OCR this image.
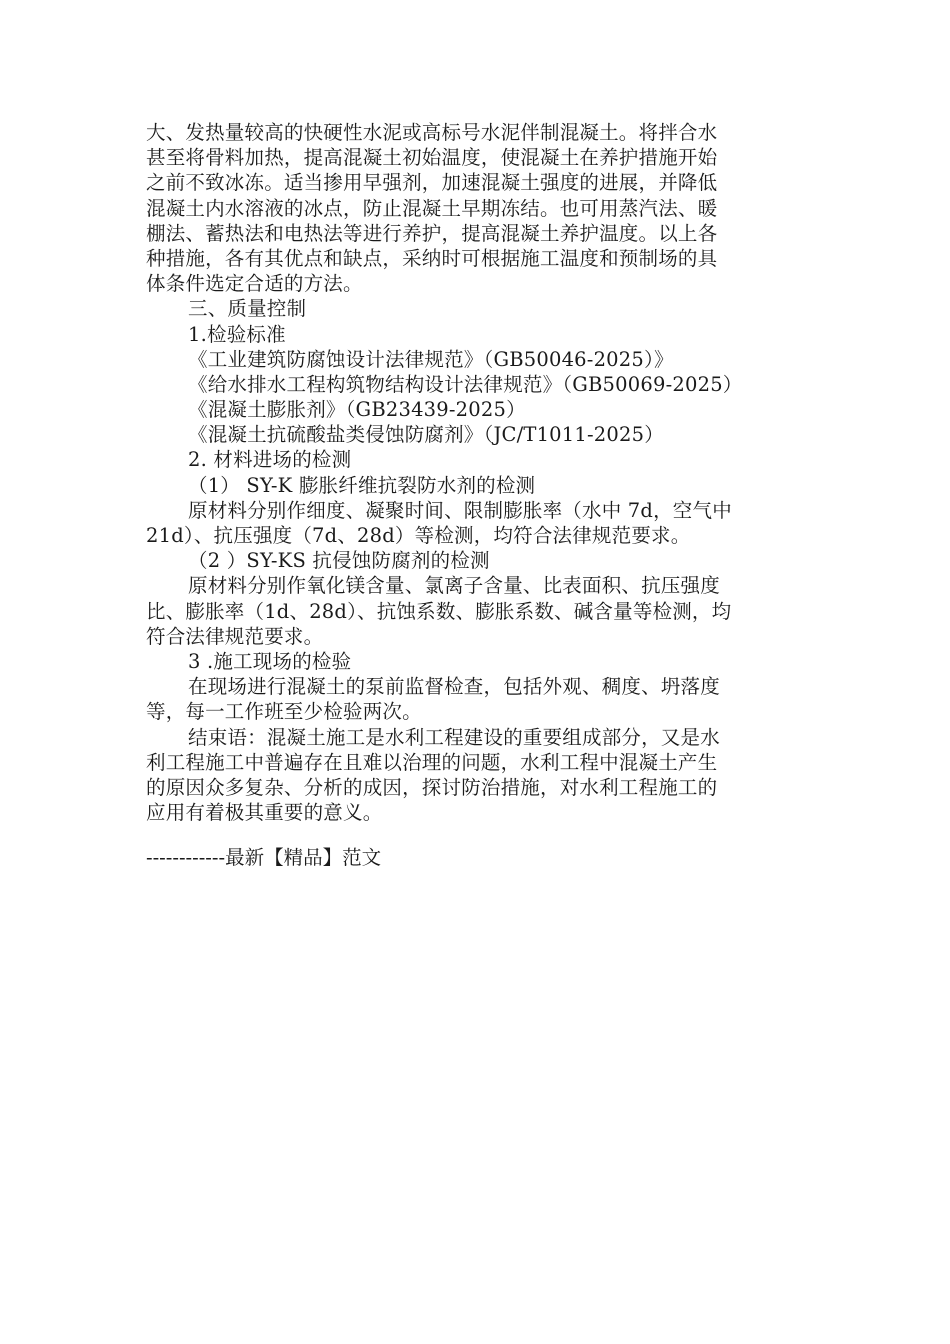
大、发热量较高的快硬性水泥或高标号水泥伴制混凝土。将拌合水
甚至将骨料加热，提高混凝土初始温度，使混凝土在养护措施开始
之前不致冰冻。适当掺用早强剂，加速混凝土强度的进展，并降低
混凝土内水溶液的冰点，防止混凝土早期冻结。也可用蒸汽法、暖
棚法、蓄热法和电热法等进行养护，提高混凝土养护温度。以上各
种措施，各有其优点和缺点，采纳时可根据施工温度和预制场的具
体条件选定合适的方法。
三、质量控制
1.检验标准
《工业建筑防腐蚀设计法律规范》（GB50046-2025）》
《给水排水工程构筑物结构设计法律规范》（GB50069-2025）
《混凝土膨胀剂》（GB23439-2025）
《混凝土抗硫酸盐类侵蚀防腐剂》（JC/T1011-2025）
2. 材料进场的检测
（1） SY-K 膨胀纤维抗裂防水剂的检测
原材料分别作细度、凝聚时间、限制膨胀率（水中 7d，空气中
21d）、抗压强度（7d、28d）等检测，均符合法律规范要求。
（2 ）SY-KS 抗侵蚀防腐剂的检测
原材料分别作氧化镁含量、氯离子含量、比表面积、抗压强度
比、膨胀率（1d、28d）、抗蚀系数、膨胀系数、碱含量等检测，均
符合法律规范要求。
3 .施工现场的检验
在现场进行混凝土的泵前监督检查，包括外观、稠度、坍落度
等，每一工作班至少检验两次。
结束语：混凝土施工是水利工程建设的重要组成部分，又是水
利工程施工中普遍存在且难以治理的问题，水利工程中混凝土产生
的原因众多复杂、分析的成因，探讨防治措施，对水利工程施工的
应用有着极其重要的意义。
------------最新【精品】范文
